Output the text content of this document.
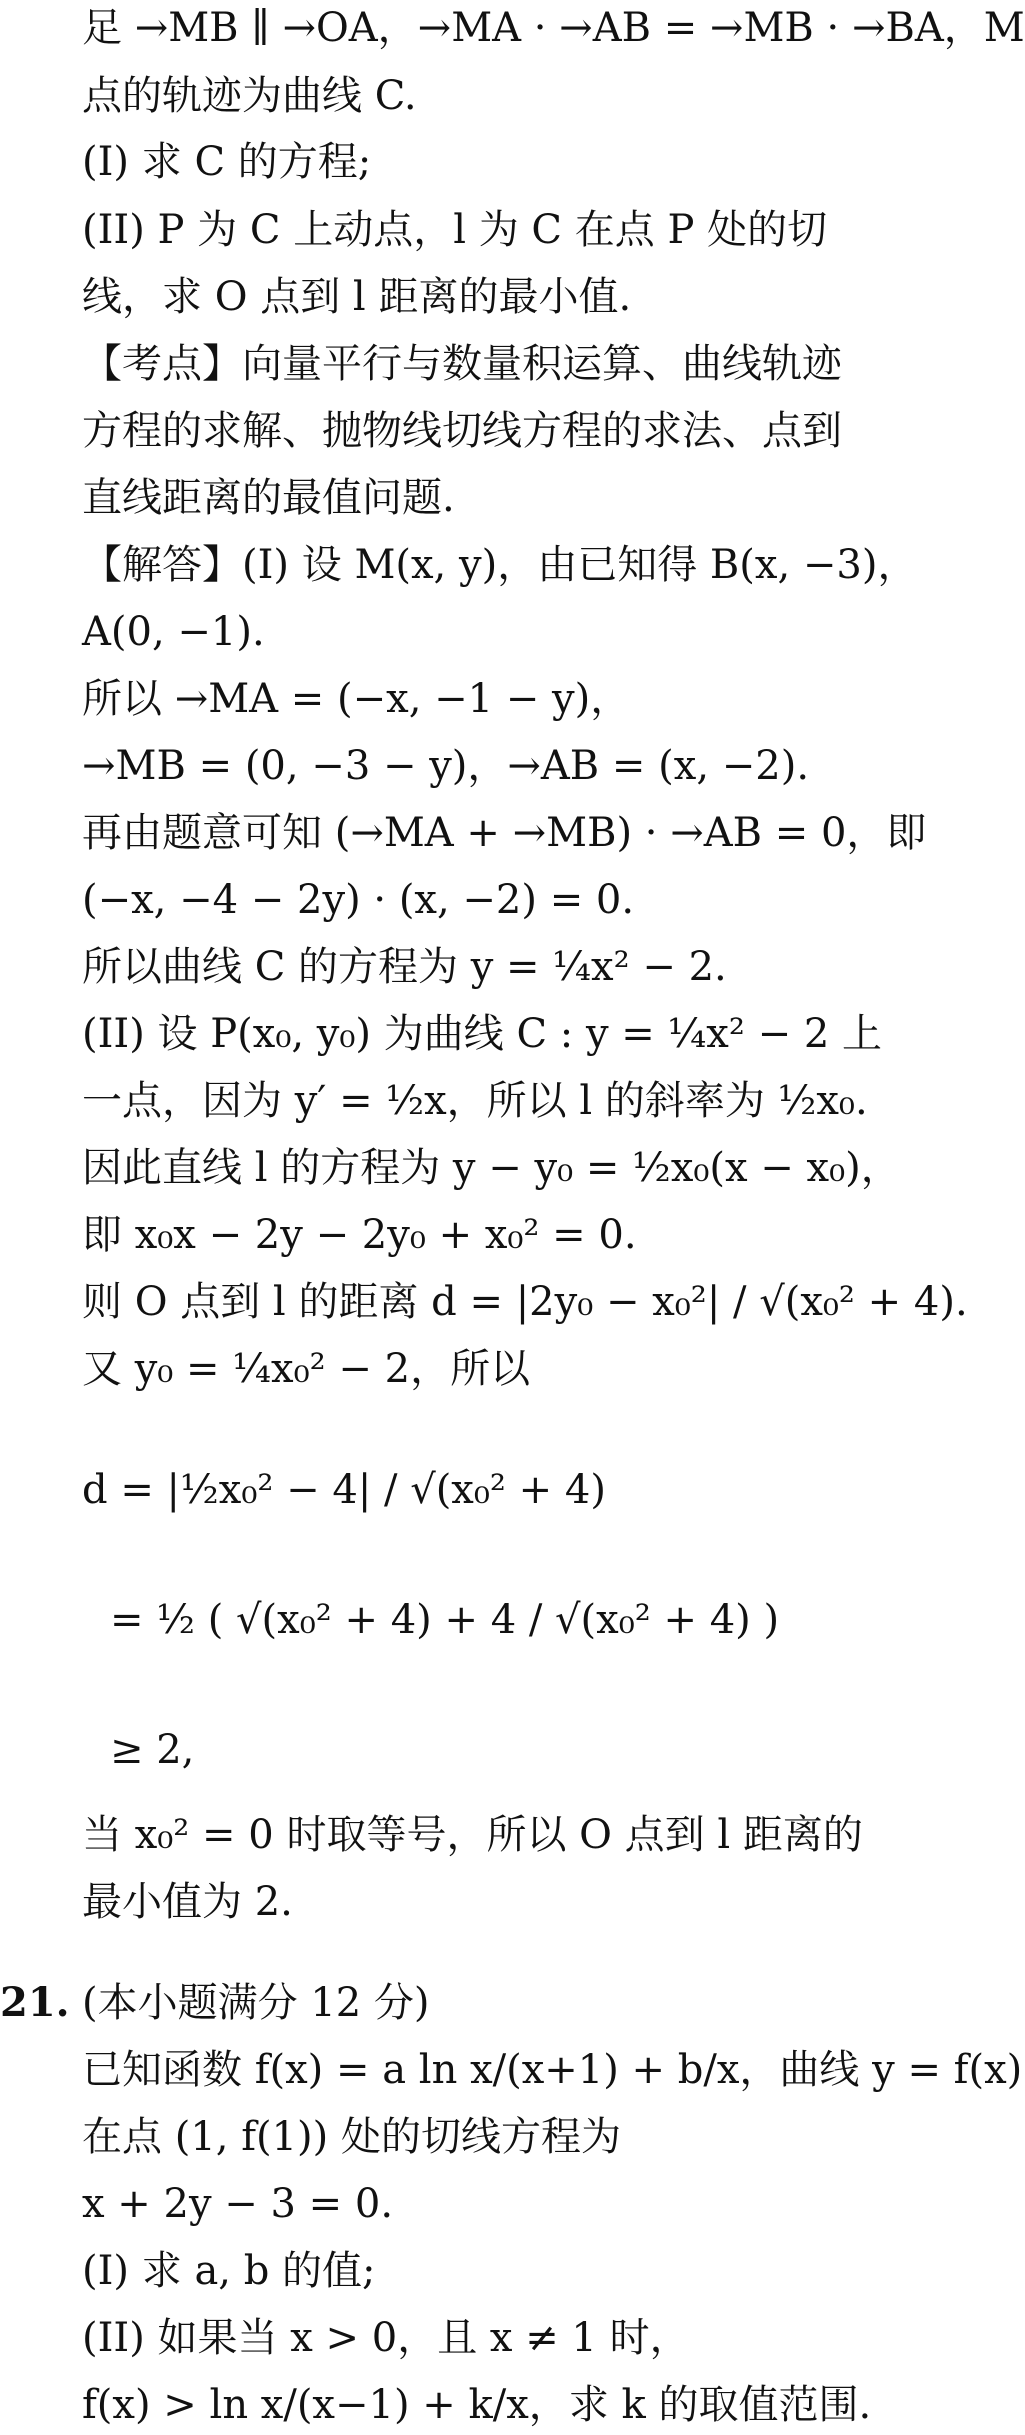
足 →MB ∥ →OA，→MA · →AB = →MB · →BA，M
点的轨迹为曲线 C.
(I) 求 C 的方程;
(II) P 为 C 上动点，l 为 C 在点 P 处的切
线，求 O 点到 l 距离的最小值.
【考点】向量平行与数量积运算、曲线轨迹
方程的求解、抛物线切线方程的求法、点到
直线距离的最值问题.
【解答】(I) 设 M(x, y)，由已知得 B(x, −3)，
A(0, −1).
所以 →MA = (−x, −1 − y)，
→MB = (0, −3 − y)，→AB = (x, −2).
再由题意可知 (→MA + →MB) · →AB = 0，即
(−x, −4 − 2y) · (x, −2) = 0.
所以曲线 C 的方程为 y = ¼x² − 2.
(II) 设 P(x₀, y₀) 为曲线 C : y = ¼x² − 2 上
一点，因为 y′ = ½x，所以 l 的斜率为 ½x₀.
因此直线 l 的方程为 y − y₀ = ½x₀(x − x₀)，
即 x₀x − 2y − 2y₀ + x₀² = 0.
则 O 点到 l 的距离 d = |2y₀ − x₀²| / √(x₀² + 4).
又 y₀ = ¼x₀² − 2，所以
d = |½x₀² − 4| / √(x₀² + 4)
= ½ ( √(x₀² + 4) + 4 / √(x₀² + 4) )
≥ 2,
当 x₀² = 0 时取等号，所以 O 点到 l 距离的
最小值为 2.
21. (本小题满分 12 分)
已知函数 f(x) = a ln x/(x+1) + b/x，曲线 y = f(x)
在点 (1, f(1)) 处的切线方程为
x + 2y − 3 = 0.
(I) 求 a, b 的值;
(II) 如果当 x > 0，且 x ≠ 1 时，
f(x) > ln x/(x−1) + k/x，求 k 的取值范围.
